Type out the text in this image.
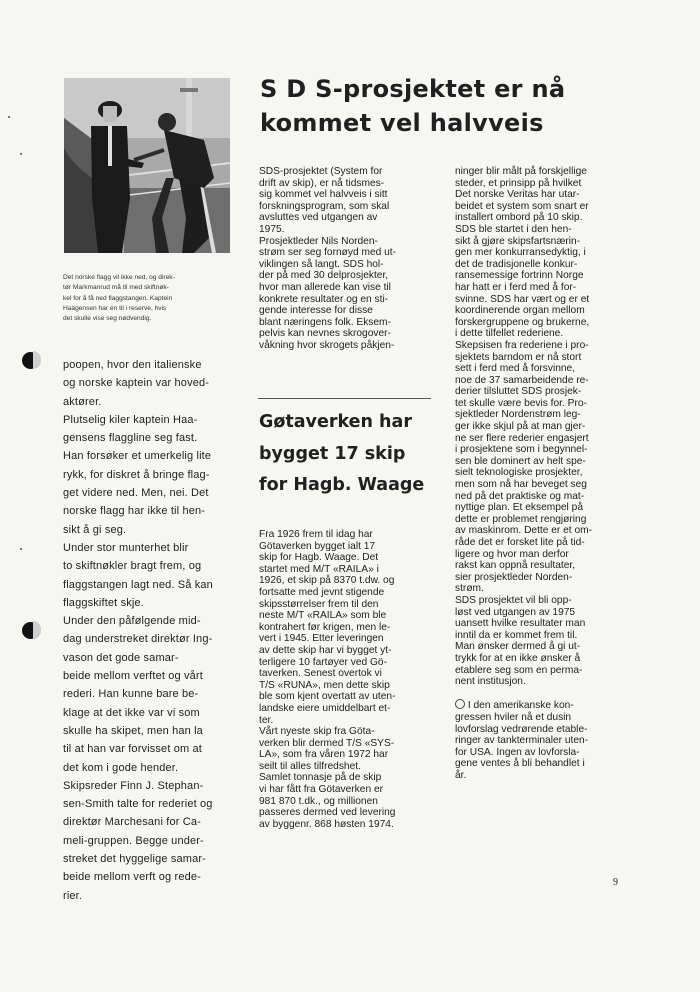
Det norske flagg vil ikke ned, og direk-

tør Markmanrud må til med skiftnøk-

kel for å få ned flaggstangen. Kaptein

Haagensen har én til i reserve, hvis

det skulle vise seg nødvendig.

S D S-prosjektet er nå

kommet vel halvveis

poopen, hvor den italienske

og norske kaptein var hoved-

aktører.

Plutselig kiler kaptein Haa-

gensens flaggline seg fast.

Han forsøker et umerkelig lite

rykk, for diskret å bringe flag-

get videre ned. Men, nei. Det

norske flagg har ikke til hen-

sikt å gi seg.

Under stor munterhet blir

to skiftnøkler bragt frem, og

flaggstangen lagt ned. Så kan

flaggskiftet skje.

Under den påfølgende mid-

dag understreket direktør Ing-

vason det gode samar-

beide mellom verftet og vårt

rederi. Han kunne bare be-

klage at det ikke var vi som

skulle ha skipet, men han la

til at han var forvisset om at

det kom i gode hender.

Skipsreder Finn J. Stephan-

sen-Smith talte for rederiet og

direktør Marchesani for Ca-

meli-gruppen. Begge under-

streket det hyggelige samar-

beide mellom verft og rede-

rier.

SDS-prosjektet (System for

drift av skip), er nå tidsmes-

sig kommet vel halvveis i sitt

forskningsprogram, som skal

avsluttes ved utgangen av

1975.

Prosjektleder Nils Norden-

strøm ser seg fornøyd med ut-

viklingen så langt. SDS hol-

der på med 30 delprosjekter,

hvor man allerede kan vise til

konkrete resultater og en sti-

gende interesse for disse

blant næringens folk. Eksem-

pelvis kan nevnes skrogover-

våkning hvor skrogets påkjen-

Gøtaverken har

bygget 17 skip

for Hagb. Waage

Fra 1926 frem til idag har

Götaverken bygget ialt 17

skip for Hagb. Waage. Det

startet med M/T «RAILA» i

1926, et skip på 8370 t.dw. og

fortsatte med jevnt stigende

skipsstørrelser frem til den

neste M/T «RAILA» som ble

kontrahert før krigen, men le-

vert i 1945. Etter leveringen

av dette skip har vi bygget yt-

terligere 10 fartøyer ved Gö-

taverken. Senest overtok vi

T/S «RUNA», men dette skip

ble som kjent overtatt av uten-

landske eiere umiddelbart et-

ter.

Vårt nyeste skip fra Göta-

verken blir dermed T/S «SYS-

LA», som fra våren 1972 har

seilt til alles tilfredshet.

Samlet tonnasje på de skip

vi har fått fra Götaverken er

981 870 t.dk., og millionen

passeres dermed ved levering

av byggenr. 868 høsten 1974.

ninger blir målt på forskjellige

steder, et prinsipp på hvilket

Det norske Veritas har utar-

beidet et system som snart er

installert ombord på 10 skip.

SDS ble startet i den hen-

sikt å gjøre skipsfartsnærin-

gen mer konkurransedyktig, i

det de tradisjonelle konkur-

ransemessige fortrinn Norge

har hatt er i ferd med å for-

svinne. SDS har vært og er et

koordinerende organ mellom

forskergruppene og brukerne,

i dette tilfellet rederiene.

Skepsisen fra rederiene i pro-

sjektets barndom er nå stort

sett i ferd med å forsvinne,

noe de 37 samarbeidende re-

derier tilsluttet SDS prosjek-

tet skulle være bevis for. Pro-

sjektleder Nordenstrøm leg-

ger ikke skjul på at man gjer-

ne ser flere rederier engasjert

i prosjektene som i begynnel-

sen ble dominert av helt spe-

sielt teknologiske prosjekter,

men som nå har beveget seg

ned på det praktiske og mat-

nyttige plan. Et eksempel på

dette er problemet rengjøring

av maskinrom. Dette er et om-

råde det er forsket lite på tid-

ligere og hvor man derfor

rakst kan oppnå resultater,

sier prosjektleder Norden-

strøm.

SDS prosjektet vil bli opp-

løst ved utgangen av 1975

uansett hvilke resultater man

inntil da er kommet frem til.

Man ønsker dermed å gi ut-

trykk for at en ikke ønsker å

etablere seg som en perma-

nent institusjon.

I den amerikanske kon-

gressen hviler nå et dusin

lovforslag vedrørende etable-

ringer av tankterminaler uten-

for USA. Ingen av lovforsla-

gene ventes å bli behandlet i

år.

9
